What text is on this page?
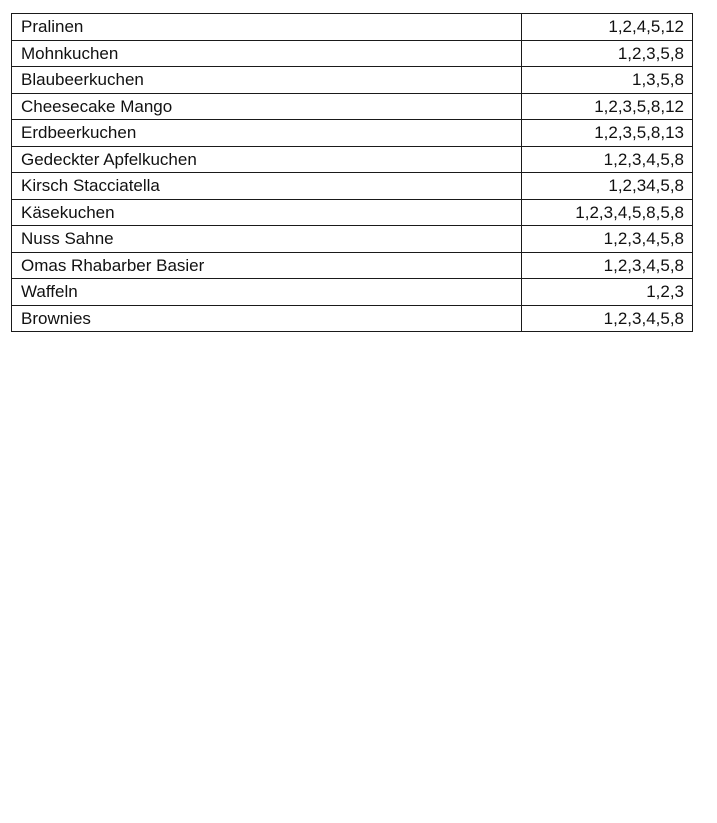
Pralinen	1,2,4,5,12
Mohnkuchen	1,2,3,5,8
Blaubeerkuchen	1,3,5,8
Cheesecake Mango	1,2,3,5,8,12
Erdbeerkuchen	1,2,3,5,8,13
Gedeckter Apfelkuchen	1,2,3,4,5,8
Kirsch Stacciatella	1,2,34,5,8
Käsekuchen	1,2,3,4,5,8,5,8
Nuss Sahne	1,2,3,4,5,8
Omas Rhabarber Basier	1,2,3,4,5,8
Waffeln	1,2,3
Brownies	1,2,3,4,5,8
